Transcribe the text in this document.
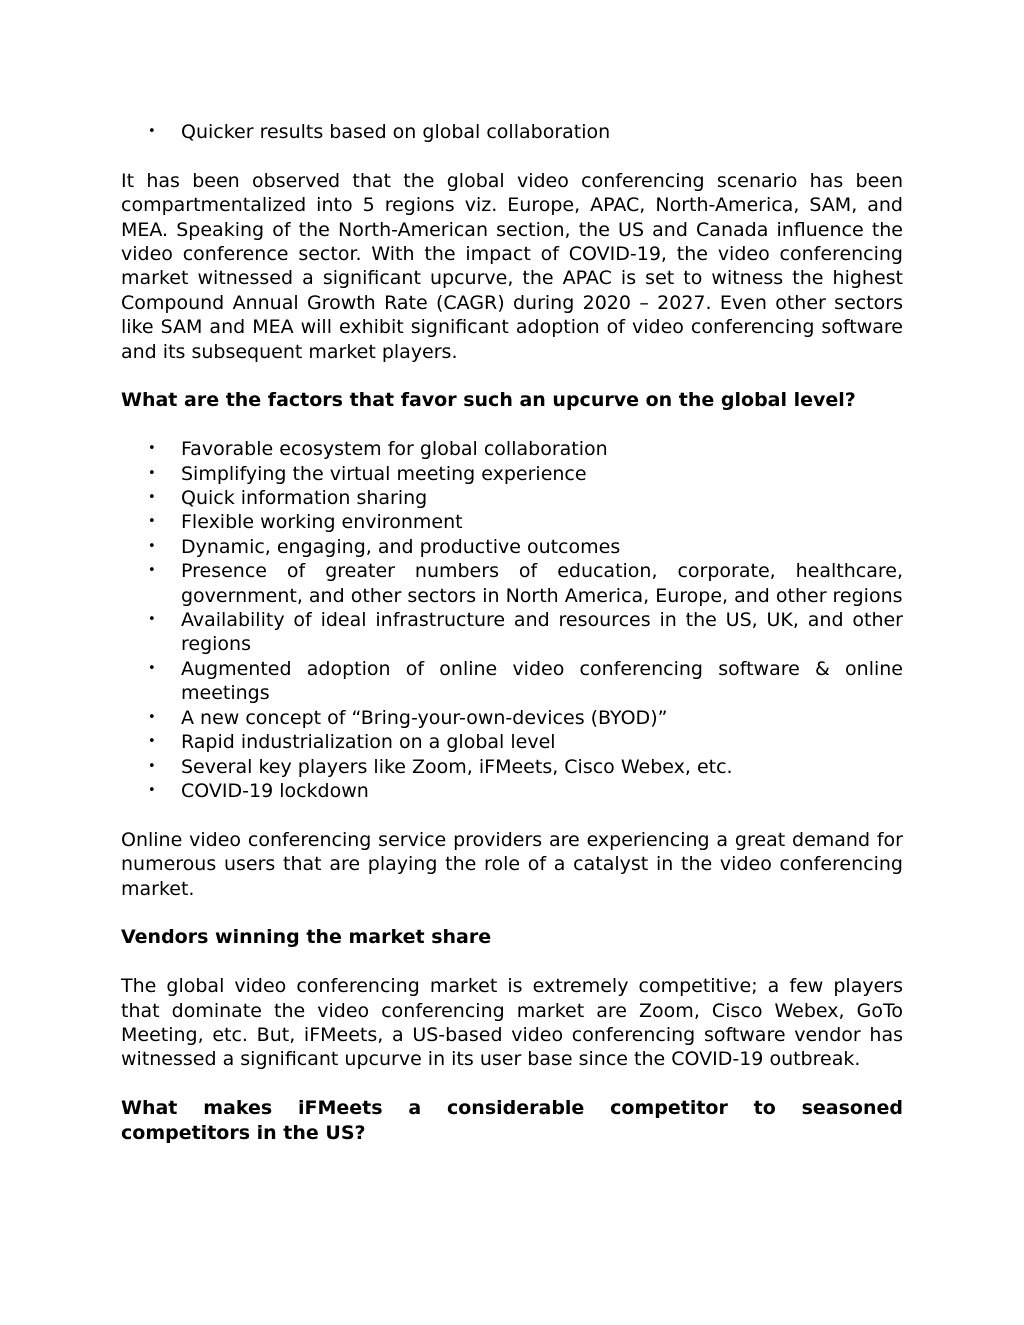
• Quicker results based on global collaboration

It has been observed that the global video conferencing scenario has been compartmentalized into 5 regions viz. Europe, APAC, North-America, SAM, and MEA. Speaking of the North-American section, the US and Canada influence the video conference sector. With the impact of COVID-19, the video conferencing market witnessed a significant upcurve, the APAC is set to witness the highest Compound Annual Growth Rate (CAGR) during 2020 – 2027. Even other sectors like SAM and MEA will exhibit significant adoption of video conferencing software and its subsequent market players.

What are the factors that favor such an upcurve on the global level?

• Favorable ecosystem for global collaboration
• Simplifying the virtual meeting experience
• Quick information sharing
• Flexible working environment
• Dynamic, engaging, and productive outcomes
• Presence of greater numbers of education, corporate, healthcare, government, and other sectors in North America, Europe, and other regions
• Availability of ideal infrastructure and resources in the US, UK, and other regions
• Augmented adoption of online video conferencing software & online meetings
• A new concept of “Bring-your-own-devices (BYOD)”
• Rapid industrialization on a global level
• Several key players like Zoom, iFMeets, Cisco Webex, etc.
• COVID-19 lockdown

Online video conferencing service providers are experiencing a great demand for numerous users that are playing the role of a catalyst in the video conferencing market.

Vendors winning the market share

The global video conferencing market is extremely competitive; a few players that dominate the video conferencing market are Zoom, Cisco Webex, GoTo Meeting, etc. But, iFMeets, a US-based video conferencing software vendor has witnessed a significant upcurve in its user base since the COVID-19 outbreak.

What makes iFMeets a considerable competitor to seasoned competitors in the US?
